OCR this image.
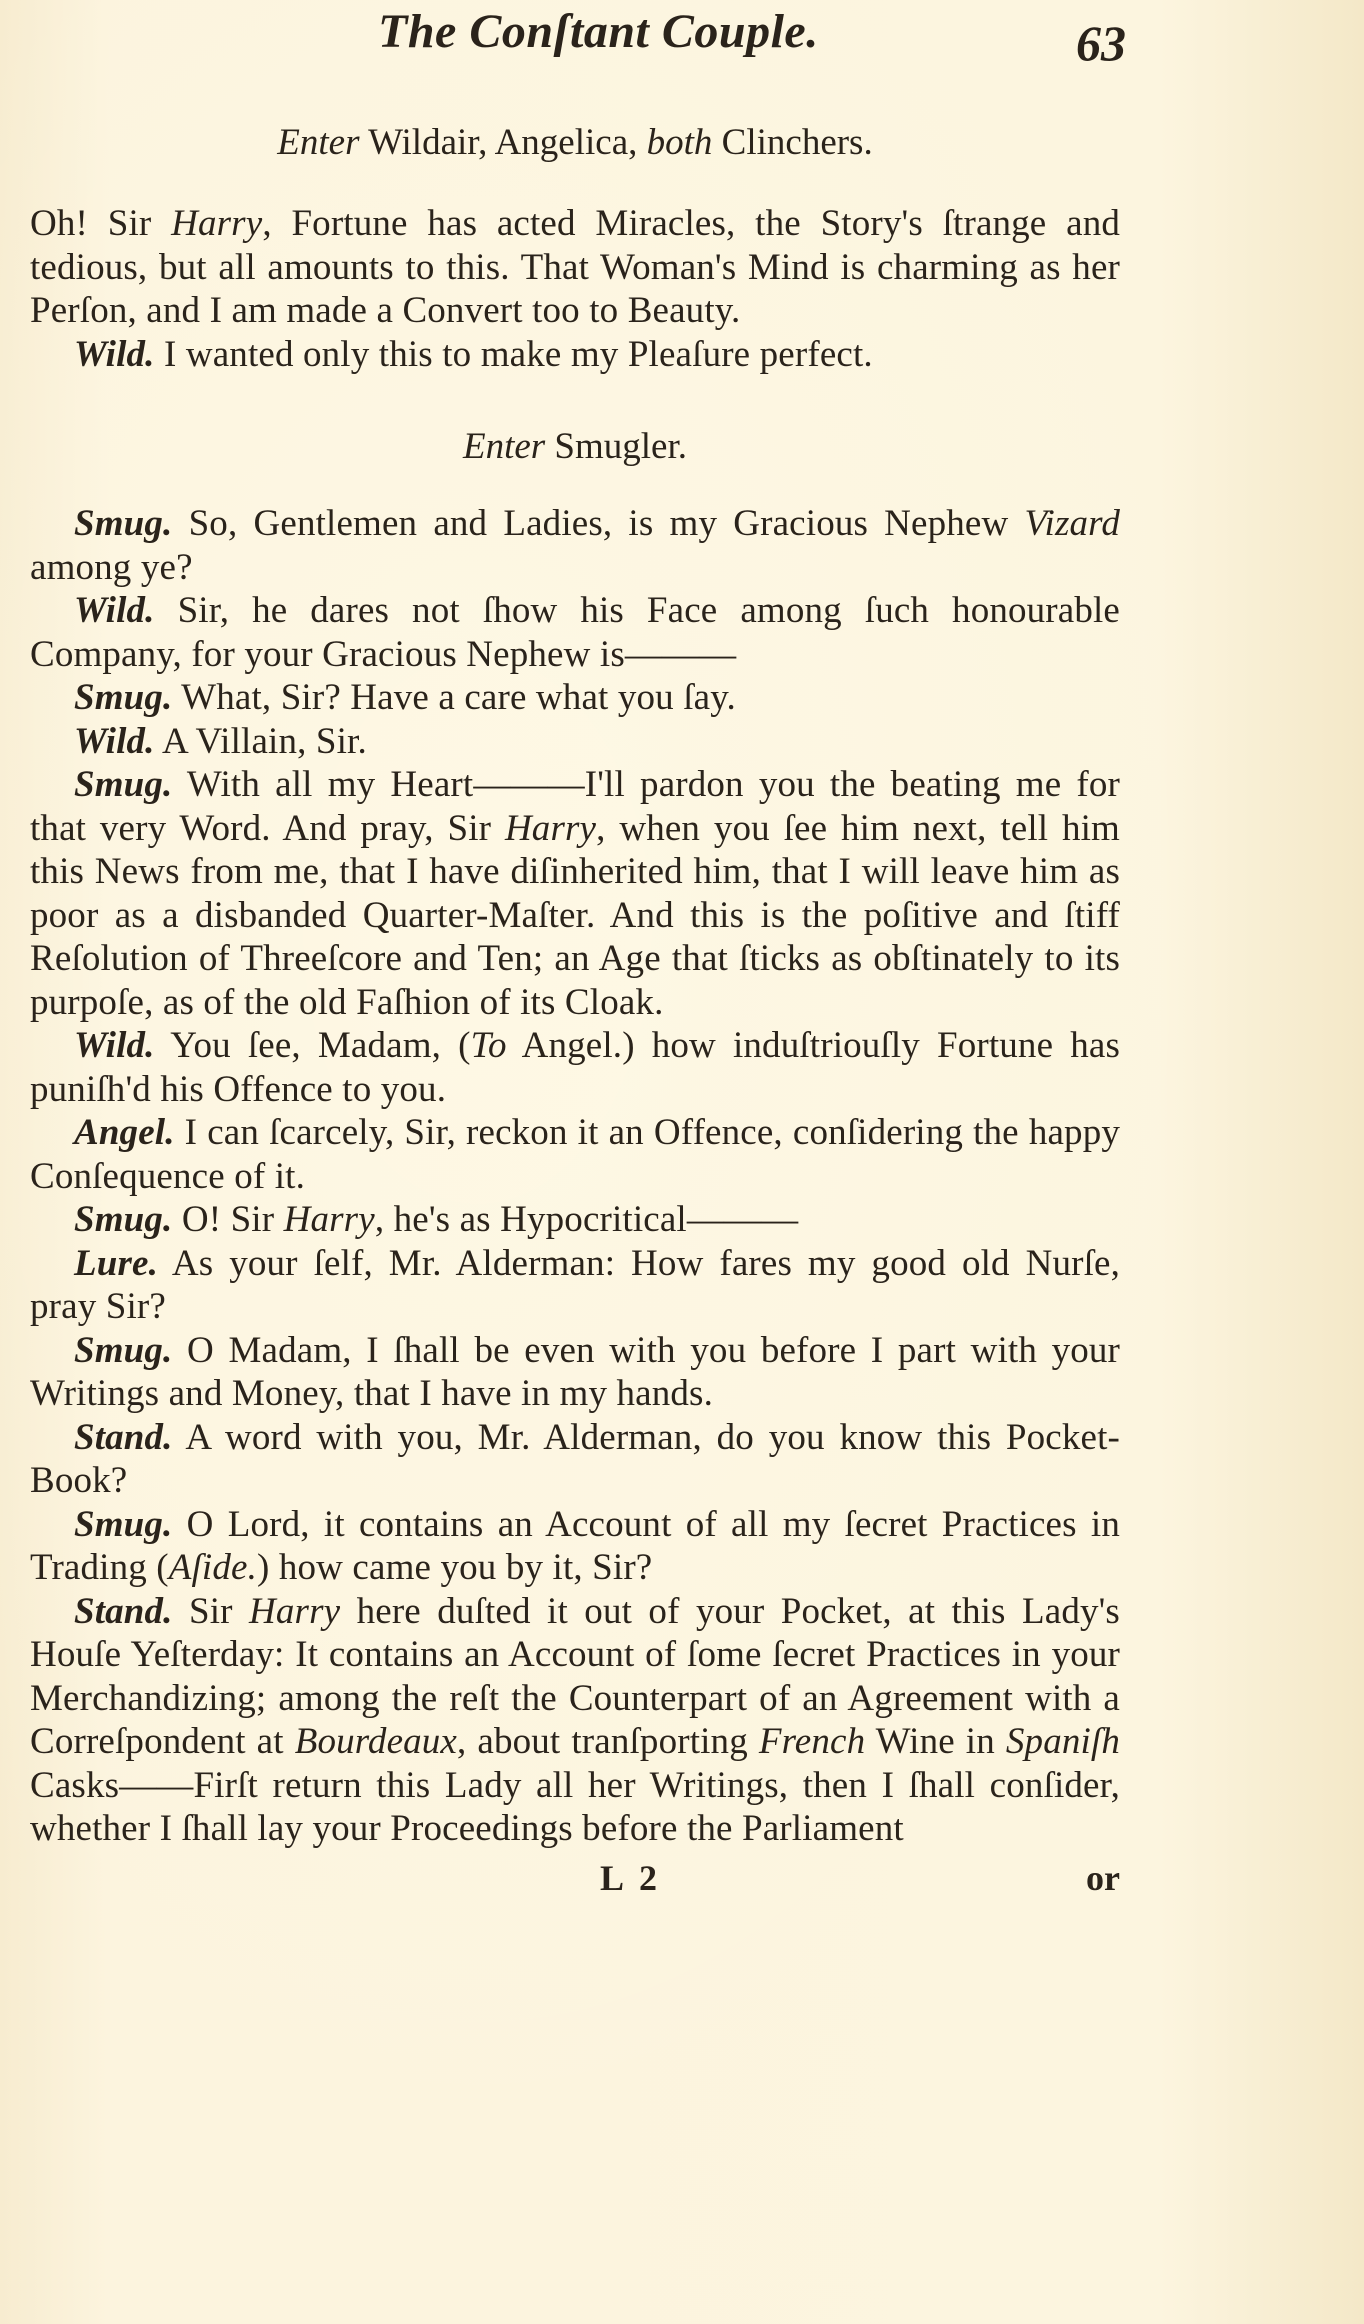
The Conſtant Couple.	63
Enter Wildair, Angelica, both Clinchers.
Oh! Sir Harry, Fortune has acted Miracles, the Story's ſtrange and tedious, but all amounts to this. That Woman's Mind is charming as her Perſon, and I am made a Convert too to Beauty.
Wild. I wanted only this to make my Pleaſure perfect.
Enter Smugler.
Smug. So, Gentlemen and Ladies, is my Gracious Nephew Vizard among ye?
Wild. Sir, he dares not ſhow his Face among ſuch honourable Company, for your Gracious Nephew is———
Smug. What, Sir? Have a care what you ſay.
Wild. A Villain, Sir.
Smug. With all my Heart———I'll pardon you the beating me for that very Word. And pray, Sir Harry, when you ſee him next, tell him this News from me, that I have diſinherited him, that I will leave him as poor as a disbanded Quarter-Maſter. And this is the poſitive and ſtiff Reſolution of Threeſcore and Ten; an Age that ſticks as obſtinately to its purpoſe, as of the old Faſhion of its Cloak.
Wild. You ſee, Madam, (To Angel.) how induſtriouſly Fortune has puniſh'd his Offence to you.
Angel. I can ſcarcely, Sir, reckon it an Offence, conſidering the happy Conſequence of it.
Smug. O! Sir Harry, he's as Hypocritical———
Lure. As your ſelf, Mr. Alderman: How fares my good old Nurſe, pray Sir?
Smug. O Madam, I ſhall be even with you before I part with your Writings and Money, that I have in my hands.
Stand. A word with you, Mr. Alderman, do you know this Pocket-Book?
Smug. O Lord, it contains an Account of all my ſecret Practices in Trading (Aſide.) how came you by it, Sir?
Stand. Sir Harry here duſted it out of your Pocket, at this Lady's Houſe Yeſterday: It contains an Account of ſome ſecret Practices in your Merchandizing; among the reſt the Counterpart of an Agreement with a Correſpondent at Bourdeaux, about tranſporting French Wine in Spaniſh Casks——Firſt return this Lady all her Writings, then I ſhall conſider, whether I ſhall lay your Proceedings before the Parliament
L 2	or
